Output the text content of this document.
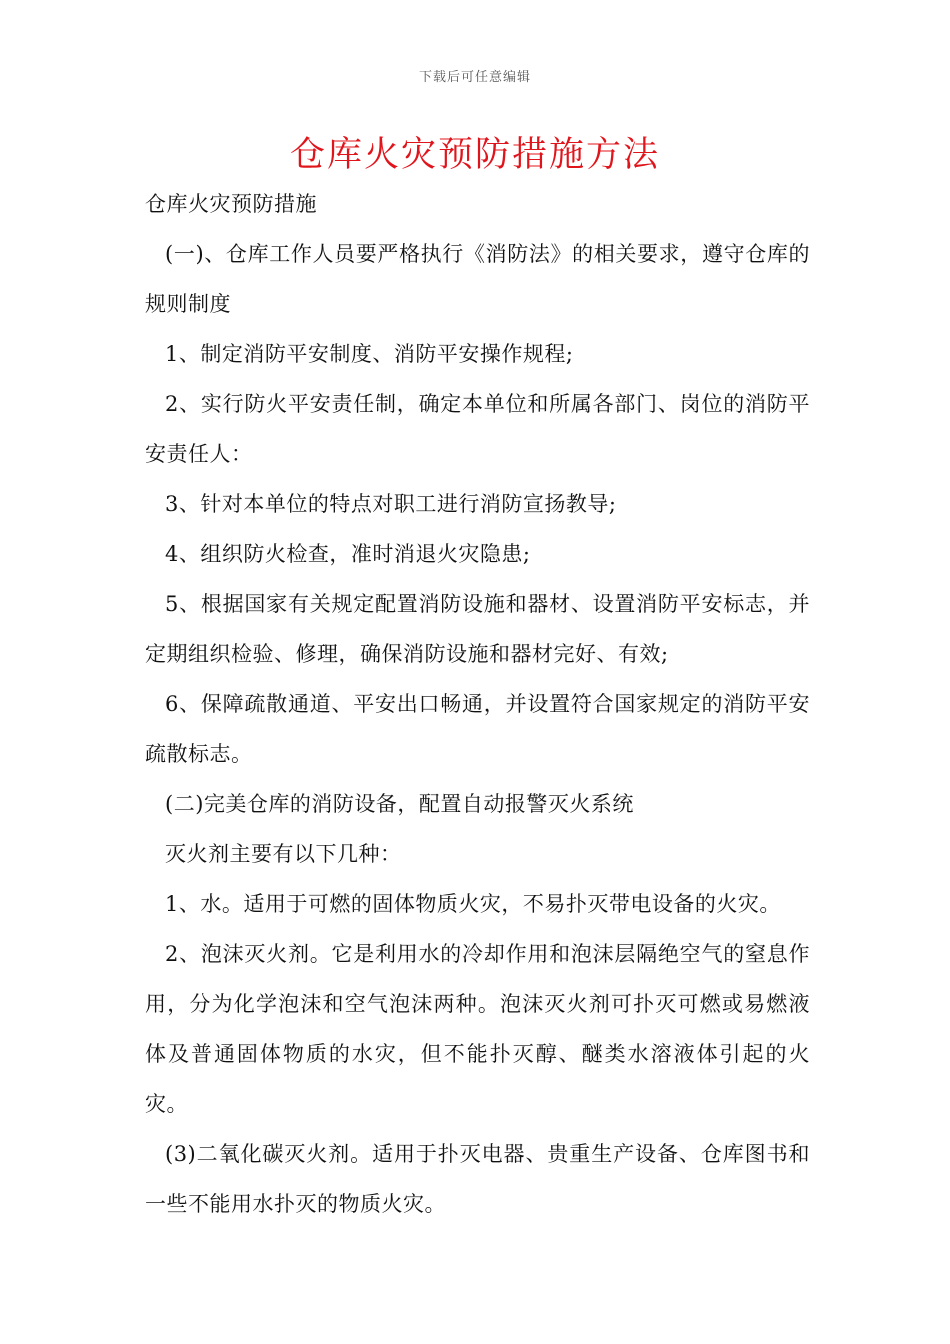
下载后可任意编辑
仓库火灾预防措施方法

仓库火灾预防措施

(一)、仓库工作人员要严格执行《消防法》的相关要求，遵守仓库的规则制度

1、制定消防平安制度、消防平安操作规程;

2、实行防火平安责任制，确定本单位和所属各部门、岗位的消防平安责任人：

3、针对本单位的特点对职工进行消防宣扬教导;

4、组织防火检查，准时消退火灾隐患;

5、根据国家有关规定配置消防设施和器材、设置消防平安标志，并定期组织检验、修理，确保消防设施和器材完好、有效;

6、保障疏散通道、平安出口畅通，并设置符合国家规定的消防平安疏散标志。

(二)完美仓库的消防设备，配置自动报警灭火系统

灭火剂主要有以下几种：

1、水。适用于可燃的固体物质火灾，不易扑灭带电设备的火灾。

2、泡沫灭火剂。它是利用水的冷却作用和泡沫层隔绝空气的窒息作用，分为化学泡沫和空气泡沫两种。泡沫灭火剂可扑灭可燃或易燃液体及普通固体物质的水灾，但不能扑灭醇、醚类水溶液体引起的火灾。

(3)二氧化碳灭火剂。适用于扑灭电器、贵重生产设备、仓库图书和一些不能用水扑灭的物质火灾。
